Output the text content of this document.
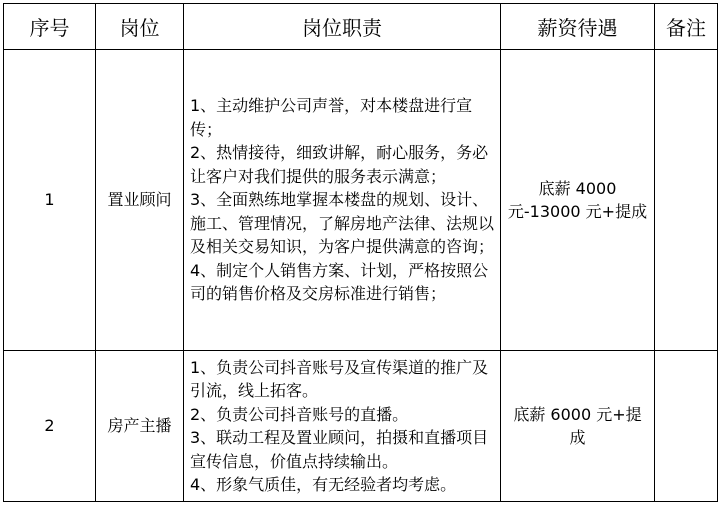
序号	岗位	岗位职责	薪资待遇	备注
1	置业顾问	1、主动维护公司声誉，对本楼盘进行宣传；

2、热情接待，细致讲解，耐心服务，务必让客户对我们提供的服务表示满意；

3、全面熟练地掌握本楼盘的规划、设计、施工、管理情况，了解房地产法律、法规以及相关交易知识，为客户提供满意的咨询；

4、制定个人销售方案、计划，严格按照公司的销售价格及交房标准进行销售；	底薪 4000 元-13000 元+提成	

2	房产主播	1、负责公司抖音账号及宣传渠道的推广及引流，线上拓客。

2、负责公司抖音账号的直播。

3、联动工程及置业顾问，拍摄和直播项目宣传信息，价值点持续输出。

4、形象气质佳，有无经验者均考虑。	底薪 6000 元+提成	
